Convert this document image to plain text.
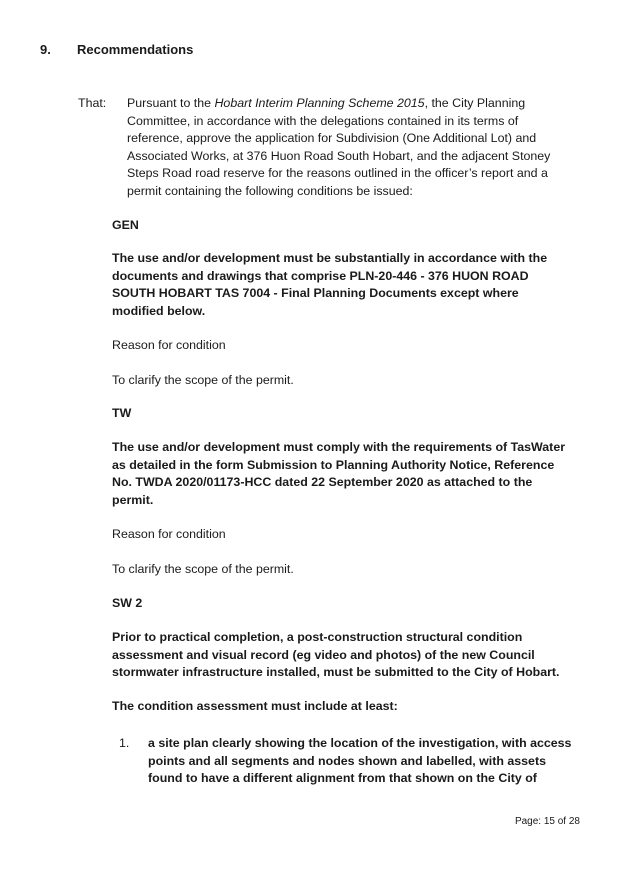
9. Recommendations
That: Pursuant to the Hobart Interim Planning Scheme 2015, the City Planning Committee, in accordance with the delegations contained in its terms of reference, approve the application for Subdivision (One Additional Lot) and Associated Works, at 376 Huon Road South Hobart, and the adjacent Stoney Steps Road road reserve for the reasons outlined in the officer’s report and a permit containing the following conditions be issued:
GEN
The use and/or development must be substantially in accordance with the documents and drawings that comprise PLN-20-446 - 376 HUON ROAD SOUTH HOBART TAS 7004 - Final Planning Documents except where modified below.
Reason for condition
To clarify the scope of the permit.
TW
The use and/or development must comply with the requirements of TasWater as detailed in the form Submission to Planning Authority Notice, Reference No. TWDA 2020/01173-HCC dated 22 September 2020 as attached to the permit.
Reason for condition
To clarify the scope of the permit.
SW 2
Prior to practical completion, a post-construction structural condition assessment and visual record (eg video and photos) of the new Council stormwater infrastructure installed, must be submitted to the City of Hobart.
The condition assessment must include at least:
1. a site plan clearly showing the location of the investigation, with access points and all segments and nodes shown and labelled, with assets found to have a different alignment from that shown on the City of
Page: 15 of 28
